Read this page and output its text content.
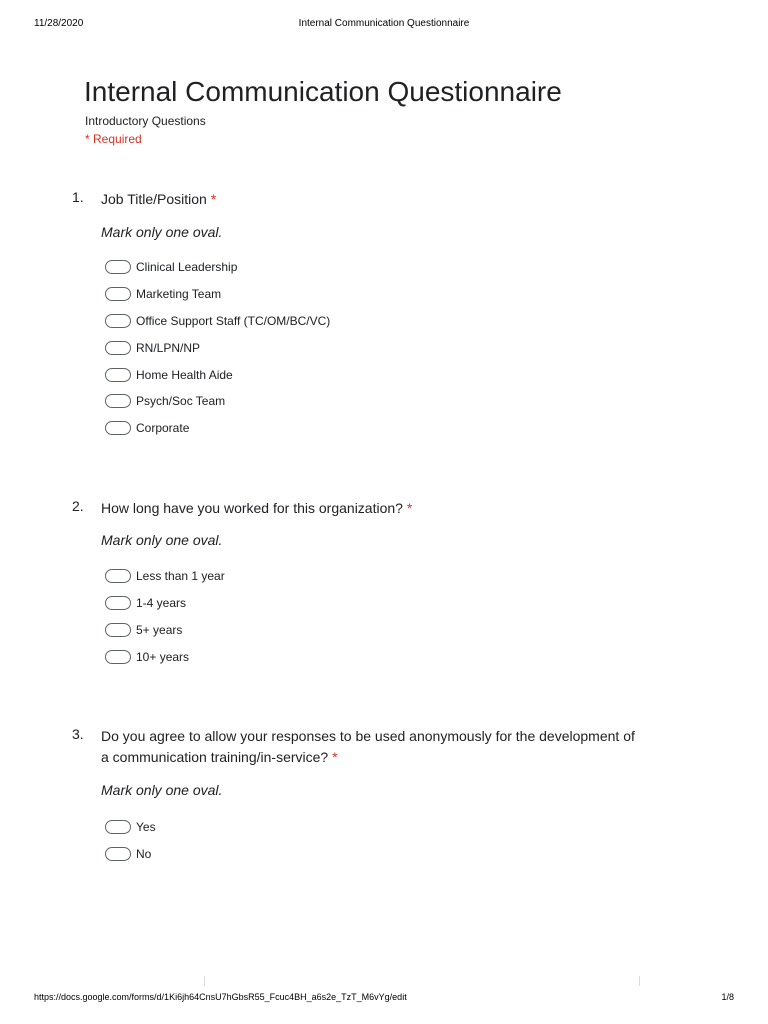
11/28/2020	Internal Communication Questionnaire
Internal Communication Questionnaire
Introductory Questions
* Required
1. Job Title/Position *
Mark only one oval.
Clinical Leadership
Marketing Team
Office Support Staff (TC/OM/BC/VC)
RN/LPN/NP
Home Health Aide
Psych/Soc Team
Corporate
2. How long have you worked for this organization? *
Mark only one oval.
Less than 1 year
1-4 years
5+ years
10+ years
3. Do you agree to allow your responses to be used anonymously for the development of a communication training/in-service? *
Mark only one oval.
Yes
No
https://docs.google.com/forms/d/1Ki6jh64CnsU7hGbsR55_Fcuc4BH_a6s2e_TzT_M6vYg/edit	1/8
